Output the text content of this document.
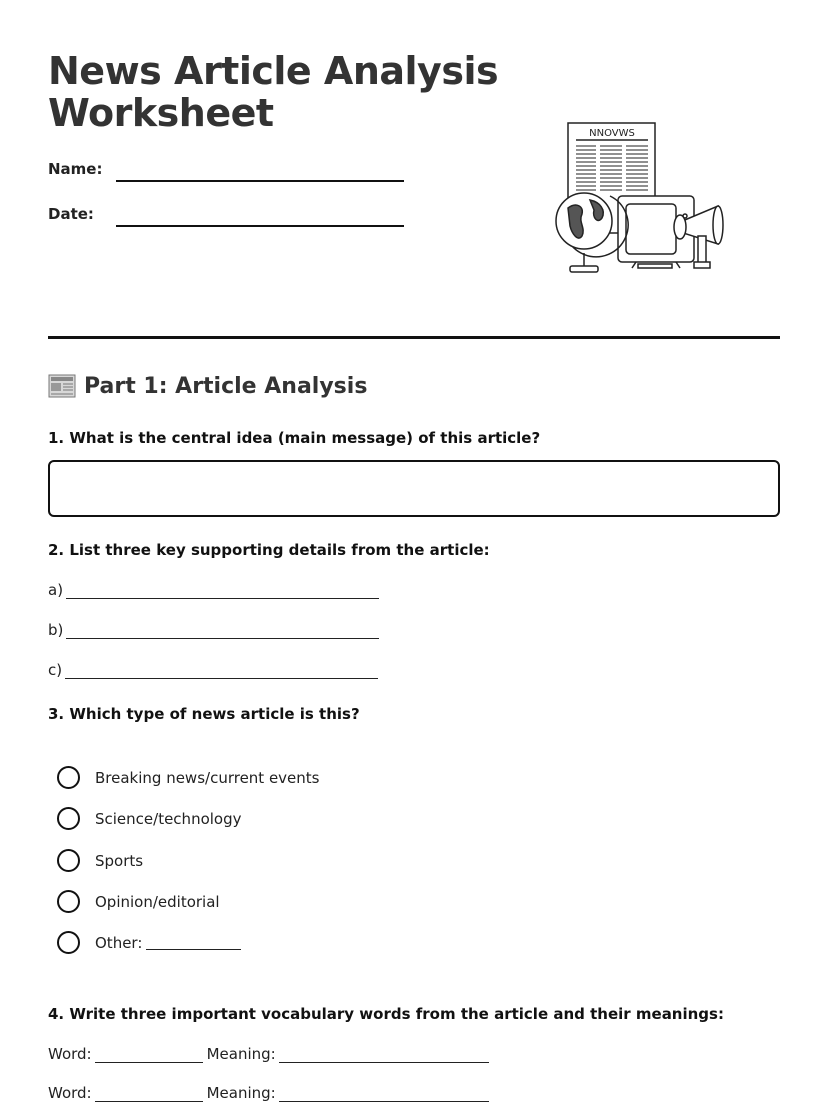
News Article Analysis
Worksheet
Name:
Date:
NNOVWS
Part 1: Article Analysis
1. What is the central idea (main message) of this article?
2. List three key supporting details from the article:
a)
b)
c)
3. Which type of news article is this?
Breaking news/current events
Science/technology
Sports
Opinion/editorial
Other:
4. Write three important vocabulary words from the article and their meanings:
Word:	Meaning:
Word:	Meaning:
